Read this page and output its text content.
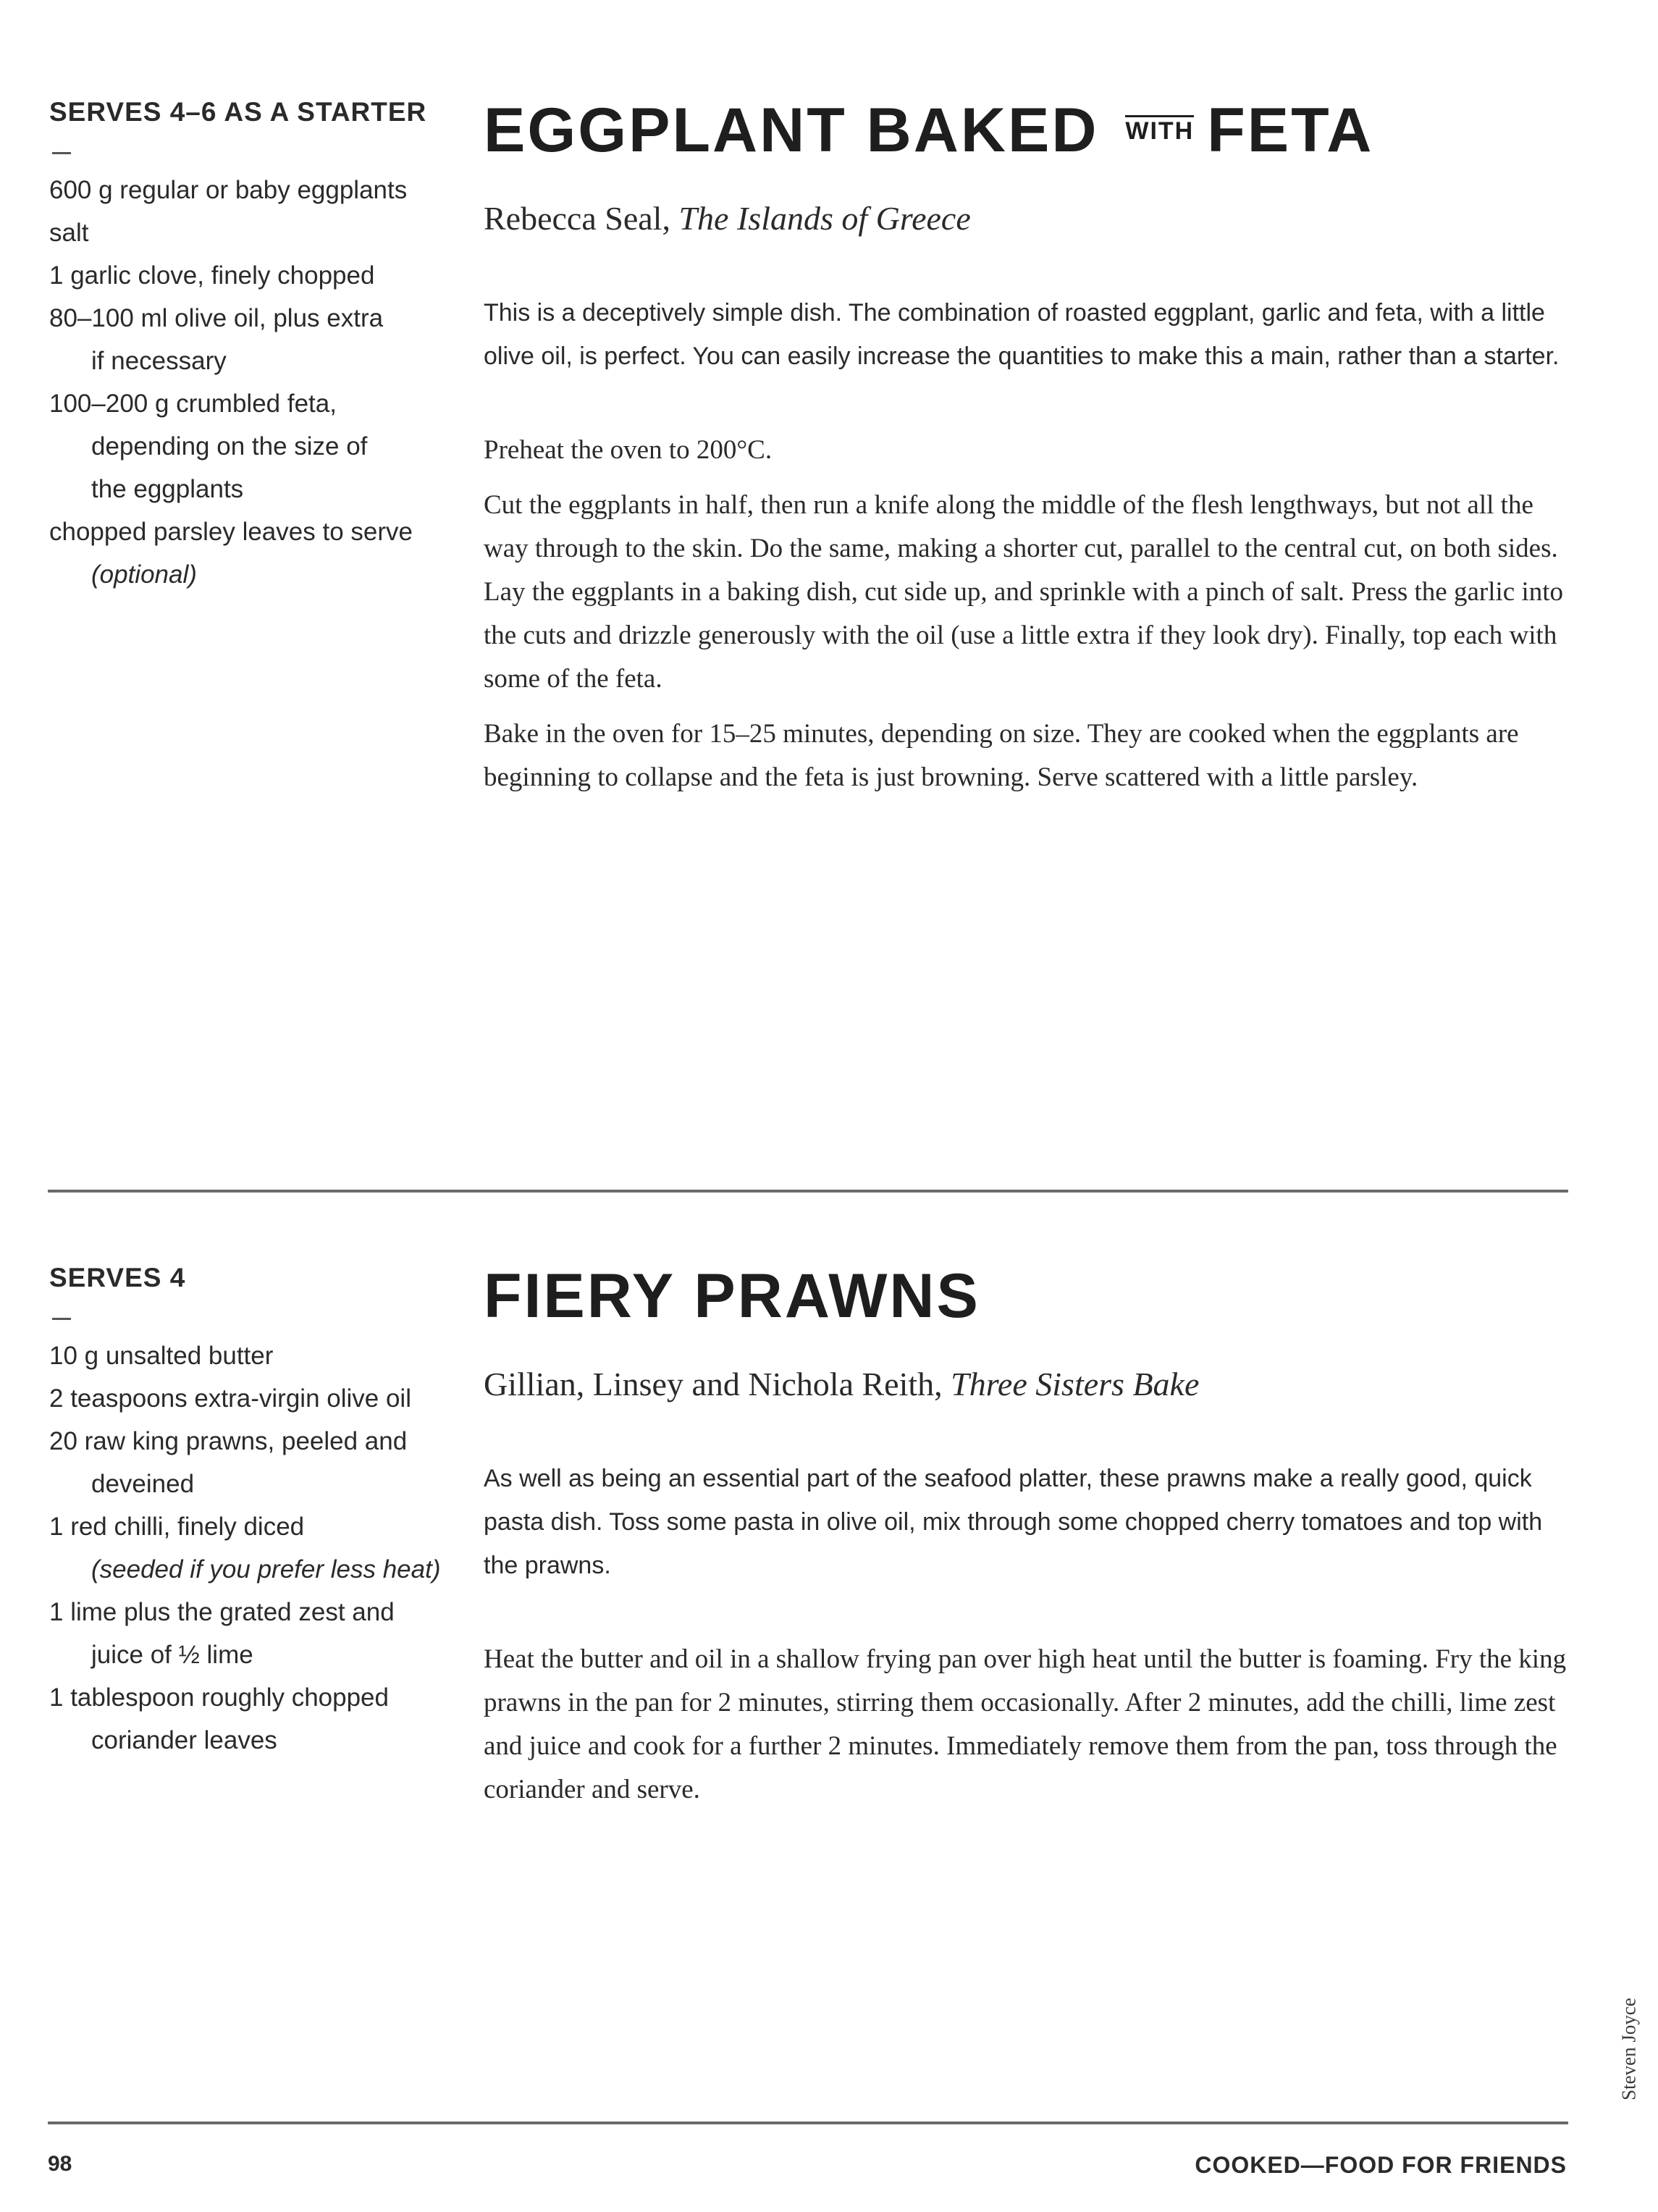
SERVES 4–6 AS A STARTER
600 g regular or baby eggplants
salt
1 garlic clove, finely chopped
80–100 ml olive oil, plus extra
if necessary
100–200 g crumbled feta,
depending on the size of
the eggplants
chopped parsley leaves to serve
(optional)
EGGPLANT BAKED WITH FETA

Rebecca Seal, The Islands of Greece

This is a deceptively simple dish. The combination of roasted eggplant, garlic and feta, with a little olive oil, is perfect. You can easily increase the quantities to make this a main, rather than a starter.

Preheat the oven to 200°C.

Cut the eggplants in half, then run a knife along the middle of the flesh lengthways, but not all the way through to the skin. Do the same, making a shorter cut, parallel to the central cut, on both sides. Lay the eggplants in a baking dish, cut side up, and sprinkle with a pinch of salt. Press the garlic into the cuts and drizzle generously with the oil (use a little extra if they look dry). Finally, top each with some of the feta.

Bake in the oven for 15–25 minutes, depending on size. They are cooked when the eggplants are beginning to collapse and the feta is just browning. Serve scattered with a little parsley.

SERVES 4
10 g unsalted butter
2 teaspoons extra-virgin olive oil
20 raw king prawns, peeled and
deveined
1 red chilli, finely diced
(seeded if you prefer less heat)
1 lime plus the grated zest and
juice of ½ lime
1 tablespoon roughly chopped
coriander leaves
FIERY PRAWNS

Gillian, Linsey and Nichola Reith, Three Sisters Bake

As well as being an essential part of the seafood platter, these prawns make a really good, quick pasta dish. Toss some pasta in olive oil, mix through some chopped cherry tomatoes and top with the prawns.

Heat the butter and oil in a shallow frying pan over high heat until the butter is foaming. Fry the king prawns in the pan for 2 minutes, stirring them occasionally. After 2 minutes, add the chilli, lime zest and juice and cook for a further 2 minutes. Immediately remove them from the pan, toss through the coriander and serve.

98	COOKED—FOOD FOR FRIENDS
Steven Joyce
